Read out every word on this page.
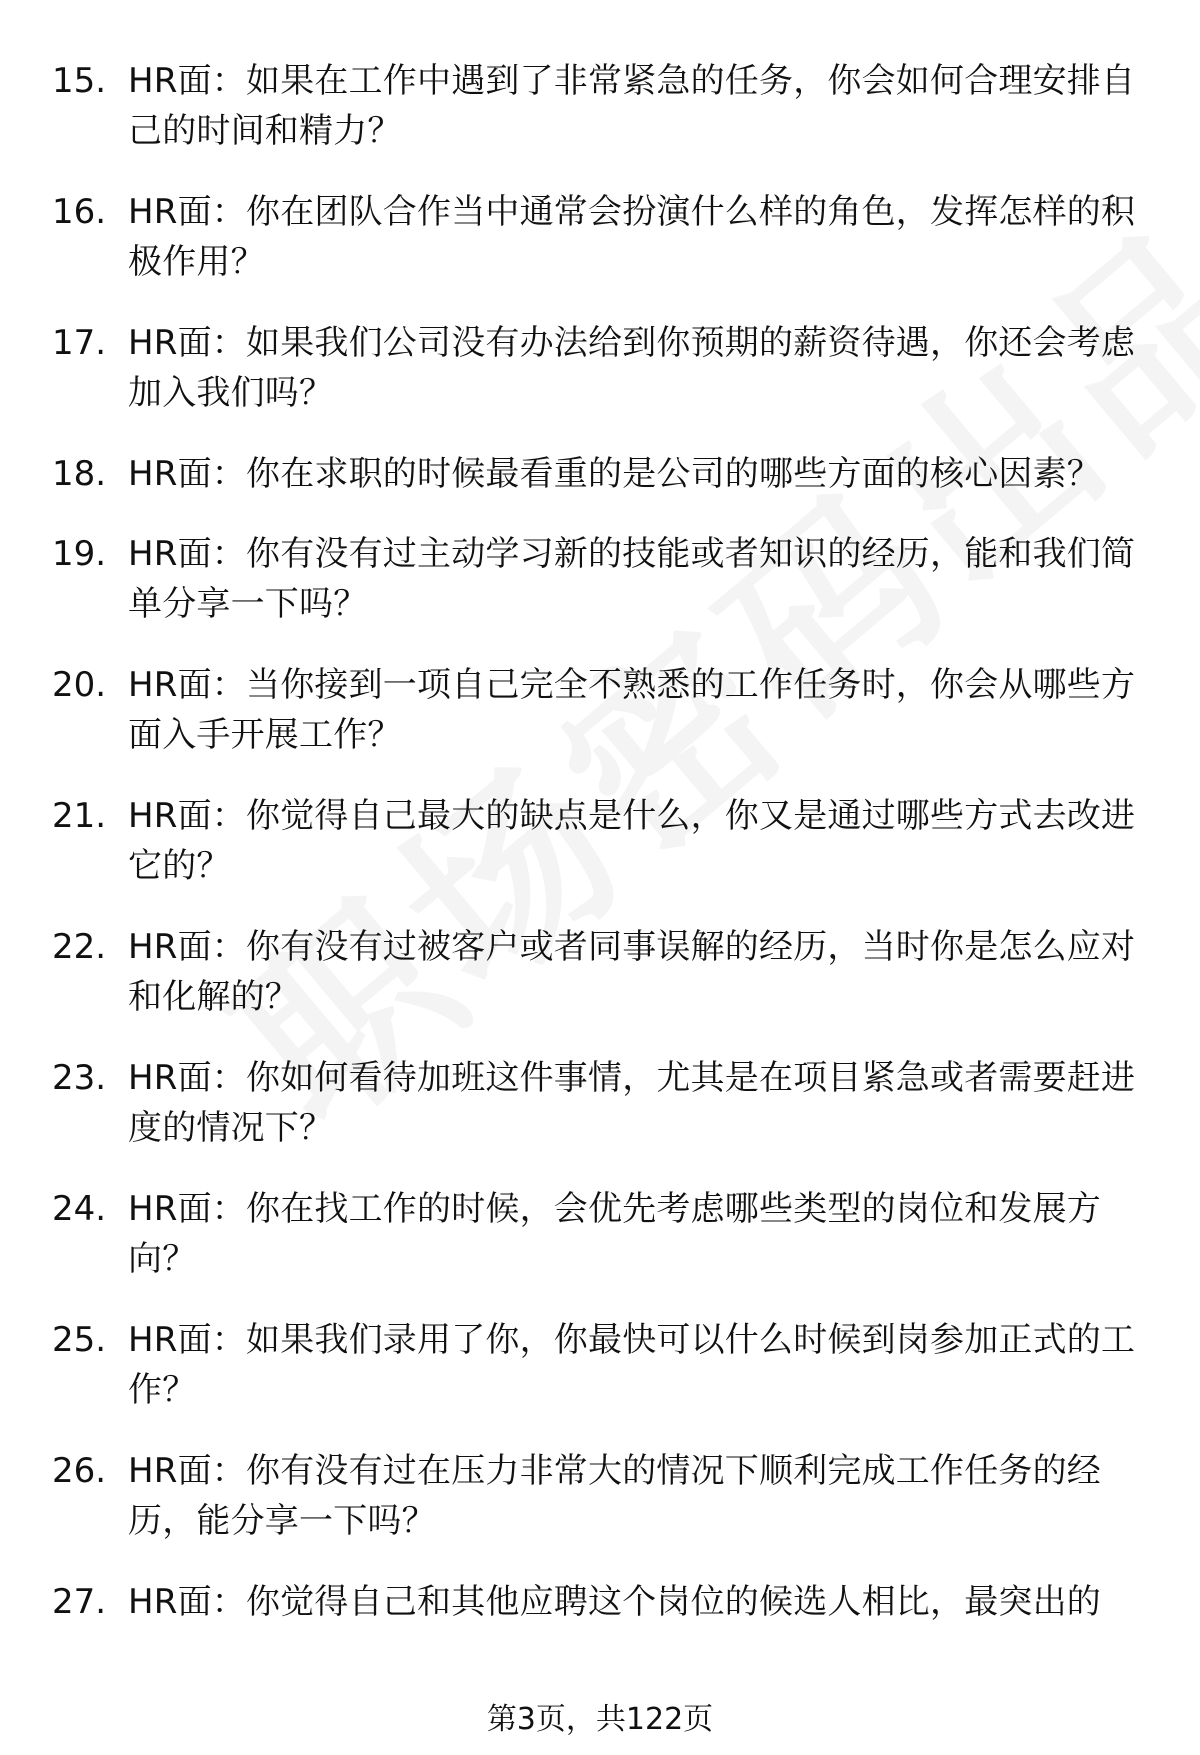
15. HR面：如果在工作中遇到了非常紧急的任务，你会如何合理安排自己的时间和精力？
16. HR面：你在团队合作当中通常会扮演什么样的角色，发挥怎样的积极作用？
17. HR面：如果我们公司没有办法给到你预期的薪资待遇，你还会考虑加入我们吗？
18. HR面：你在求职的时候最看重的是公司的哪些方面的核心因素？
19. HR面：你有没有过主动学习新的技能或者知识的经历，能和我们简单分享一下吗？
20. HR面：当你接到一项自己完全不熟悉的工作任务时，你会从哪些方面入手开展工作？
21. HR面：你觉得自己最大的缺点是什么，你又是通过哪些方式去改进它的？
22. HR面：你有没有过被客户或者同事误解的经历，当时你是怎么应对和化解的？
23. HR面：你如何看待加班这件事情，尤其是在项目紧急或者需要赶进度的情况下？
24. HR面：你在找工作的时候，会优先考虑哪些类型的岗位和发展方向？
25. HR面：如果我们录用了你，你最快可以什么时候到岗参加正式的工作？
26. HR面：你有没有过在压力非常大的情况下顺利完成工作任务的经历，能分享一下吗？
27. HR面：你觉得自己和其他应聘这个岗位的候选人相比，最突出的
第3页，共122页
